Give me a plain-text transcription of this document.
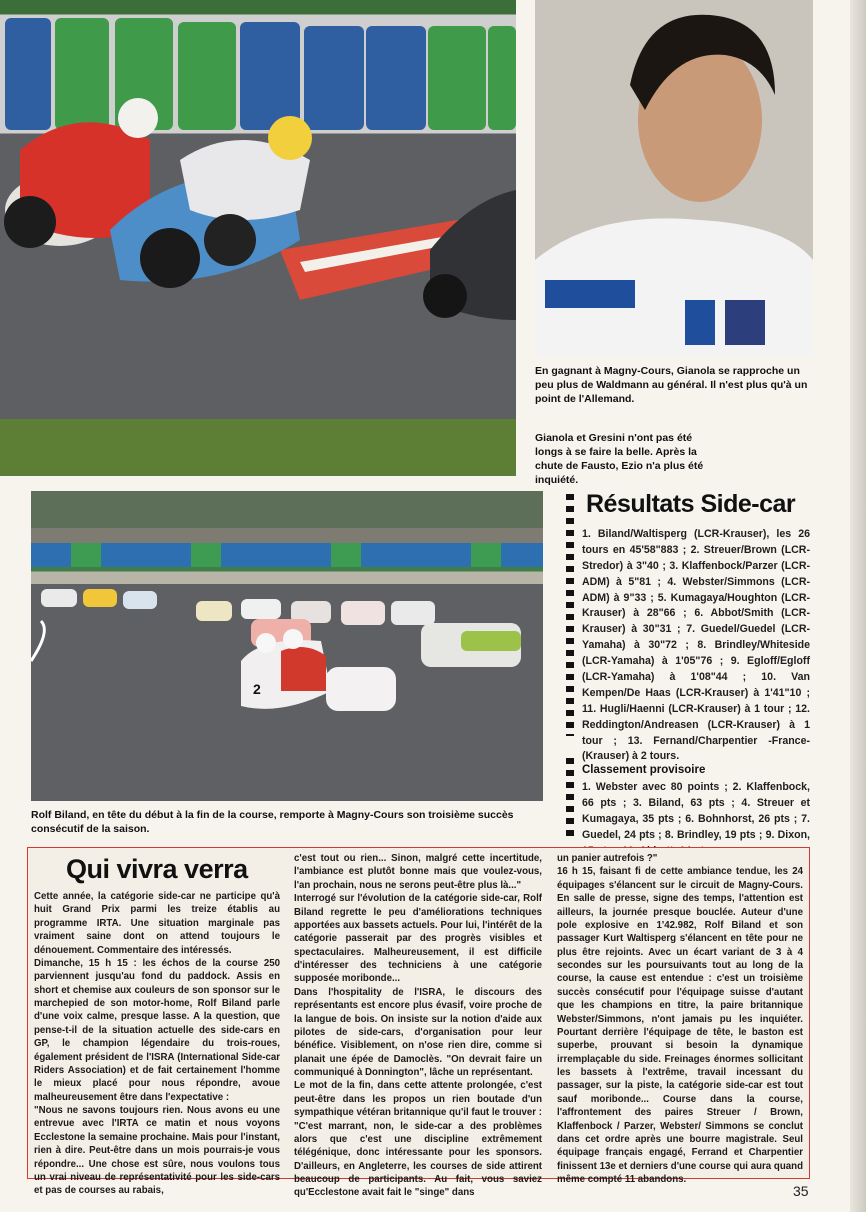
En gagnant à Magny-Cours, Gianola se rapproche un peu plus de Waldmann au général. Il n'est plus qu'à un point de l'Allemand.
Gianola et Gresini n'ont pas été longs à se faire la belle. Après la chute de Fausto, Ezio n'a plus été inquiété.
2
Rolf Biland, en tête du début à la fin de la course, remporte à Magny-Cours son troisième succès consécutif de la saison.
Résultats Side-car
1. Biland/Waltisperg (LCR-Krauser), les 26 tours en 45'58"883 ; 2. Streuer/Brown (LCR-Stredor) à 3"40 ; 3. Klaffenbock/Parzer (LCR-ADM) à 5"81 ; 4. Webster/Simmons (LCR-ADM) à 9"33 ; 5. Kumagaya/Houghton (LCR-Krauser) à 28"66 ; 6. Abbot/Smith (LCR-Krauser) à 30"31 ; 7. Guedel/Guedel (LCR-Yamaha) à 30"72 ; 8. Brindley/Whiteside (LCR-Yamaha) à 1'05"76 ; 9. Egloff/Egloff (LCR-Yamaha) à 1'08"44 ; 10. Van Kempen/De Haas (LCR-Krauser) à 1'41"10 ; 11. Hugli/Haenni (LCR-Krauser) à 1 tour ; 12. Reddington/Andreasen (LCR-Krauser) à 1 tour ; 13. Fernand/Charpentier -France-(Krauser) à 2 tours.
Classement provisoire
1. Webster avec 80 points ; 2. Klaffenbock, 66 pts ; 3. Biland, 63 pts ; 4. Streuer et Kumagaya, 35 pts ; 6. Bohnhorst, 26 pts ; 7. Guedel, 24 pts ; 8. Brindley, 19 pts ; 9. Dixon,
Qui vivra verra

Cette année, la catégorie side-car ne participe qu'à huit Grand Prix parmi les treize établis au programme IRTA. Une situation marginale pas vraiment saine dont on attend toujours le dénouement. Commentaire des intéressés.

Dimanche, 15 h 15 : les échos de la course 250 parviennent jusqu'au fond du paddock. Assis en short et chemise aux couleurs de son sponsor sur le marchepied de son motor-home, Rolf Biland parle d'une voix calme, presque lasse. A la question, que pense-t-il de la situation actuelle des side-cars en GP, le champion légendaire du trois-roues, également président de l'ISRA (International Side-car Riders Association) et de fait certainement l'homme le mieux placé pour nous répondre, avoue malheureusement être dans l'expectative :

"Nous ne savons toujours rien. Nous avons eu une entrevue avec l'IRTA ce matin et nous voyons Ecclestone la semaine prochaine. Mais pour l'instant, rien à dire. Peut-être dans un mois pourrais-je vous répondre... Une chose est sûre, nous voulons tous un vrai niveau de représentativité pour les side-cars et pas de courses au rabais,

c'est tout ou rien... Sinon, malgré cette incertitude, l'ambiance est plutôt bonne mais que voulez-vous, l'an prochain, nous ne serons peut-être plus là..."

Interrogé sur l'évolution de la catégorie side-car, Rolf Biland regrette le peu d'améliorations techniques apportées aux bassets actuels. Pour lui, l'intérêt de la catégorie passerait par des progrès visibles et spectaculaires. Malheureusement, il est difficile d'intéresser des techniciens à une catégorie supposée moribonde...

Dans l'hospitality de l'ISRA, le discours des représentants est encore plus évasif, voire proche de la langue de bois. On insiste sur la notion d'aide aux pilotes de side-cars, d'organisation pour leur bénéfice. Visiblement, on n'ose rien dire, comme si planait une épée de Damoclès. "On devrait faire un communiqué à Donnington", lâche un représentant.

Le mot de la fin, dans cette attente prolongée, c'est peut-être dans les propos un rien boutade d'un sympathique vétéran britannique qu'il faut le trouver : "C'est marrant, non, le side-car a des problèmes alors que c'est une discipline extrêmement télégénique, donc intéressante pour les sponsors. D'ailleurs, en Angleterre, les courses de side attirent beaucoup de participants. Au fait, vous saviez qu'Ecclestone avait fait le "singe" dans

un panier autrefois ?"

16 h 15, faisant fi de cette ambiance tendue, les 24 équipages s'élancent sur le circuit de Magny-Cours. En salle de presse, signe des temps, l'attention est ailleurs, la journée presque bouclée. Auteur d'une pole explosive en 1'42.982, Rolf Biland et son passager Kurt Waltisperg s'élancent en tête pour ne plus être rejoints. Avec un écart variant de 3 à 4 secondes sur les poursuivants tout au long de la course, la cause est entendue : c'est un troisième succès consécutif pour l'équipage suisse d'autant que les champions en titre, la paire britannique Webster/Simmons, n'ont jamais pu les inquiéter. Pourtant derrière l'équipage de tête, le baston est superbe, prouvant si besoin la dynamique irremplaçable du side. Freinages énormes sollicitant les bassets à l'extrême, travail incessant du passager, sur la piste, la catégorie side-car est tout sauf moribonde... Course dans la course, l'affrontement des paires Streuer / Brown, Klaffenbock / Parzer, Webster/ Simmons se conclut dans cet ordre après une bourre magistrale. Seul équipage français engagé, Ferrand et Charpentier finissent 13e et derniers d'une course qui aura quand même compté 11 abandons.

35
